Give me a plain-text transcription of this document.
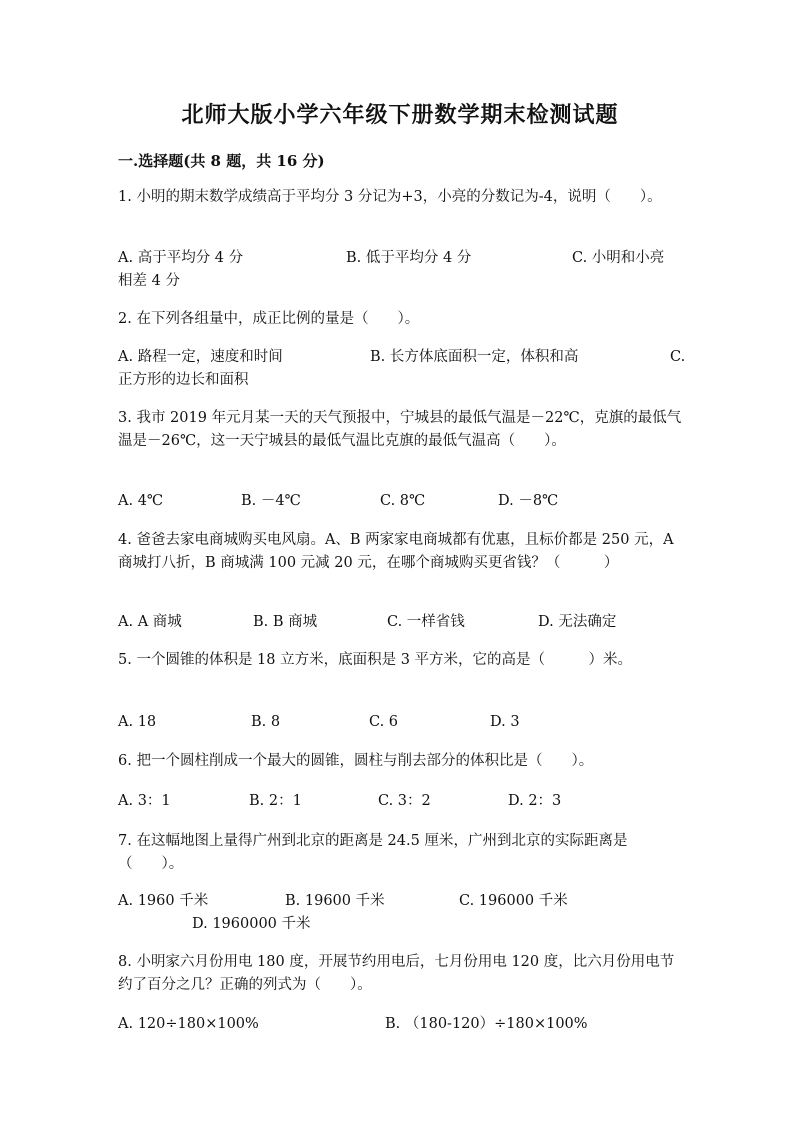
北师大版小学六年级下册数学期末检测试题
一.选择题(共 8 题，共 16 分)
1. 小明的期末数学成绩高于平均分 3 分记为+3，小亮的分数记为-4，说明（　　）。
A. 高于平均分 4 分	B. 低于平均分 4 分	C. 小明和小亮
相差 4 分
2. 在下列各组量中，成正比例的量是（　　）。
A. 路程一定，速度和时间	B. 长方体底面积一定，体积和高	C.
正方形的边长和面积
3. 我市 2019 年元月某一天的天气预报中，宁城县的最低气温是－22℃，克旗的最低气温是－26℃，这一天宁城县的最低气温比克旗的最低气温高（　　）。
A. 4℃	B. －4℃	C. 8℃	D. －8℃
4. 爸爸去家电商城购买电风扇。A、B 两家家电商城都有优惠，且标价都是 250 元，A 商城打八折，B 商城满 100 元减 20 元，在哪个商城购买更省钱？（　　　）
A. A 商城	B. B 商城	C. 一样省钱	D. 无法确定
5. 一个圆锥的体积是 18 立方米，底面积是 3 平方米，它的高是（　　　）米。
A. 18	B. 8	C. 6	D. 3
6. 把一个圆柱削成一个最大的圆锥，圆柱与削去部分的体积比是（　　）。
A. 3：1	B. 2：1	C. 3：2	D. 2：3
7. 在这幅地图上量得广州到北京的距离是 24.5 厘米，广州到北京的实际距离是（　　）。
A. 1960 千米	B. 19600 千米	C. 196000 千米
D. 1960000 千米
8. 小明家六月份用电 180 度，开展节约用电后，七月份用电 120 度，比六月份用电节约了百分之几？正确的列式为（　　）。
A. 120÷180×100%	B. （180-120）÷180×100%
